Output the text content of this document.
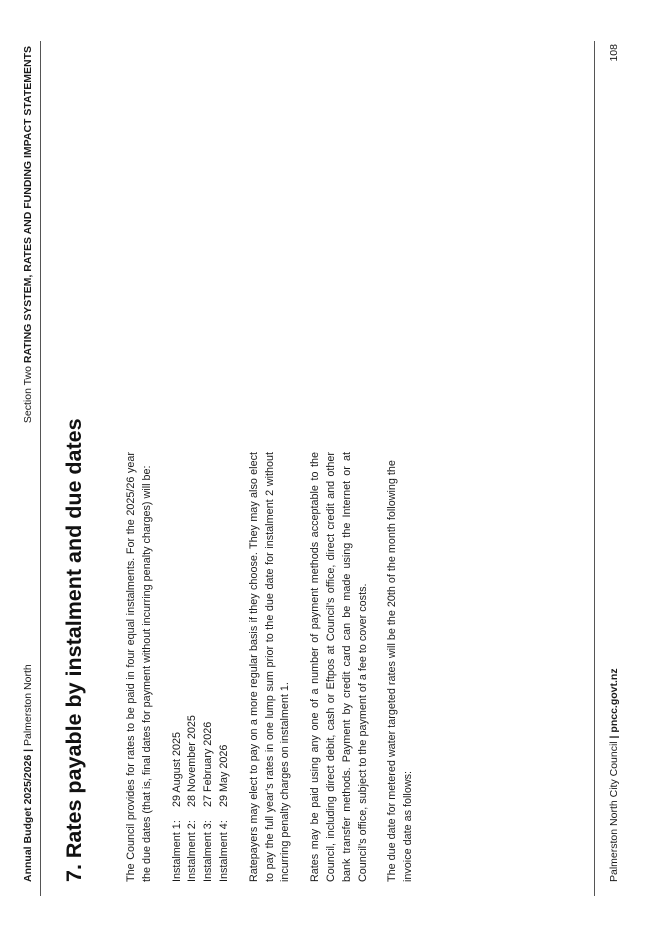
Annual Budget 2025/2026 | Palmerston North
Section Two RATING SYSTEM, RATES AND FUNDING IMPACT STATEMENTS
7. Rates payable by instalment and due dates	The Council provides for rates to be paid in four equal instalments. For the 2025/26 year the due dates (that is, final dates for payment without incurring penalty charges) will be: Instalment 1:
29 August 2025
Instalment 2:
28 November 2025
Instalment 3:
27 February 2026
Instalment 4:
29 May 2026 Ratepayers may elect to pay on a more regular basis if they choose. They may also elect to pay the full year’s rates in one lump sum prior to the due date for instalment 2 without incurring penalty charges on instalment 1. Rates may be paid using any one of a number of payment methods acceptable to the Council, including direct debit, cash or Eftpos at Council’s office, direct credit and other bank transfer methods. Payment by credit card can be made using the Internet or at Council’s office, subject to the payment of a fee to cover costs. The due date for metered water targeted rates will be the 20th of the month following the invoice date as follows:	Palmerston North City Council | pncc.govt.nz
108
